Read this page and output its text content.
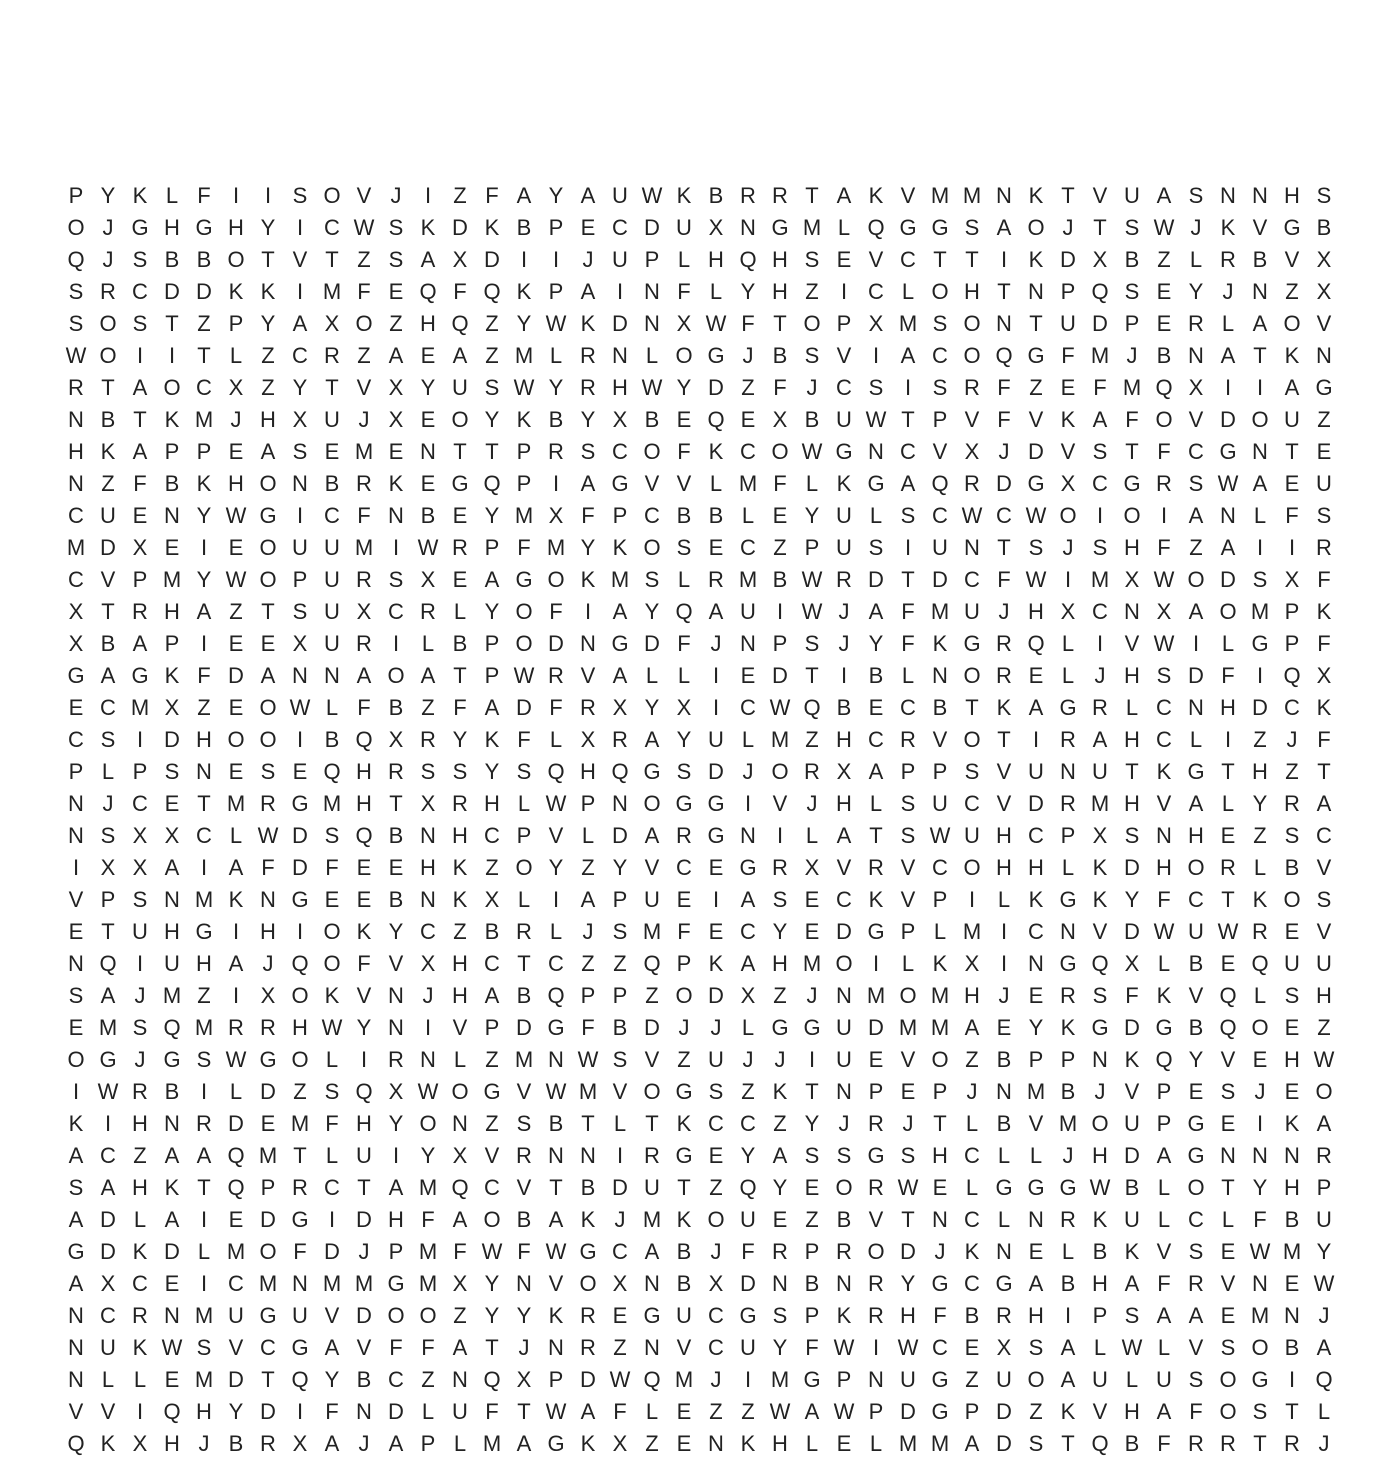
P Y K L F	I	I S O V J	I	Z F A Y A U W K B R R T A K V M M N K T V U A S N N H S
O J G H G H Y I C W S K D K B P E C D U X N G M L Q G G S A O J T S W J K V G B
Q J S B B O T V T Z S A X D I	I	J U P L H Q H S E V C T T	I K D X B Z L R B V X
S R C D D K K I M F E Q F Q K P A I N F L Y H Z	I C L O H T N P Q S E Y J N Z X
S O S T Z P Y A X O Z H Q Z Y W K D N X W F T O P X M S O N T U D P E R L A O V
W O I	I	T L Z C R Z A E A Z M L R N L O G J B S V I A C O Q G F M J B N A T K N
R T A O C X Z Y T V X Y U S W Y R H W Y D Z F J C S I S R F Z E F M Q X I	I A G
N B T K M J H X U J X E O Y K B Y X B E Q E X B U W T P V F V K A F O V D O U Z
H K A P P E A S E M E N T T P R S C O F K C O W G N C V X J D V S T F C G N T E
N Z F B K H O N B R K E G Q P I A G V V L M F L K G A Q R D G X C G R S W A E U
C U E N Y W G I C F N B E Y M X F P C B B L E Y U L S C W C W O I O I A N L F S
M D X E I E O U U M I W R P F M Y K O S E C Z P U S I U N T S J S H F Z A I	I R
C V P M Y W O P U R S X E A G O K M S L R M B W R D T D C F W I M X W O D S X F
X T R H A Z T S U X C R L Y O F	I A Y Q A U I W J A F M U J H X C N X A O M P K
X B A P I E E X U R I	L B P O D N G D F J N P S J Y F K G R Q L	I V W I	L G P F
G A G K F D A N N A O A T P W R V A L L	I E D T	I B L N O R E L J H S D F	I Q X
E C M X Z E O W L F B Z F A D F R X Y X I C W Q B E C B T K A G R L C N H D C K
C S I D H O O I B Q X R Y K F L X R A Y U L M Z H C R V O T	I R A H C L	I	Z J F
P L P S N E S E Q H R S S Y S Q H Q G S D J O R X A P P S V U N U T K G T H Z T
N J C E T M R G M H T X R H L W P N O G G I V J H L S U C V D R M H V A L Y R A
N S X X C L W D S Q B N H C P V L D A R G N I	L A T S W U H C P X S N H E Z S C
I X X A I A F D F E E H K Z O Y Z Y V C E G R X V R V C O H H L K D H O R L B V
V P S N M K N G E E B N K X L	I A P U E I A S E C K V P I	L K G K Y F C T K O S
E T U H G I H I O K Y C Z B R L J S M F E C Y E D G P L M I C N V D W U W R E V
N Q I U H A J Q O F V X H C T C Z Z Q P K A H M O I	L K X I N G Q X L B E Q U U
S A J M Z	I X O K V N J H A B Q P P Z O D X Z J N M O M H J E R S F K V Q L S H
E M S Q M R R H W Y N I V P D G F B D J J L G G U D M M A E Y K G D G B Q O E Z
O G J G S W G O L	I R N L Z M N W S V Z U J J	I U E V O Z B P P N K Q Y V E H W
I W R B I	L D Z S Q X W O G V W M V O G S Z K T N P E P J N M B J V P E S J E O
K I H N R D E M F H Y O N Z S B T L T K C C Z Y J R J T L B V M O U P G E I K A
A C Z A A Q M T L U I Y X V R N N I R G E Y A S S G S H C L L J H D A G N N N R
S A H K T Q P R C T A M Q C V T B D U T Z Q Y E O R W E L G G G W B L O T Y H P
A D L A I E D G I D H F A O B A K J M K O U E Z B V T N C L N R K U L C L F B U
G D K D L M O F D J P M F W F W G C A B J F R P R O D J K N E L B K V S E W M Y
A X C E I C M N M M G M X Y N V O X N B X D N B N R Y G C G A B H A F R V N E W
N C R N M U G U V D O O Z Y Y K R E G U C G S P K R H F B R H I P S A A E M N J
N U K W S V C G A V F F A T J N R Z N V C U Y F W I W C E X S A L W L V S O B A
N L L E M D T Q Y B C Z N Q X P D W Q M J	I M G P N U G Z U O A U L U S O G I Q
V V I Q H Y D I	F N D L U F T W A F L E Z Z W A W P D G P D Z K V H A F O S T L
Q K X H J B R X A J A P L M A G K X Z E N K H L E L M M A D S T Q B F R R T R J
